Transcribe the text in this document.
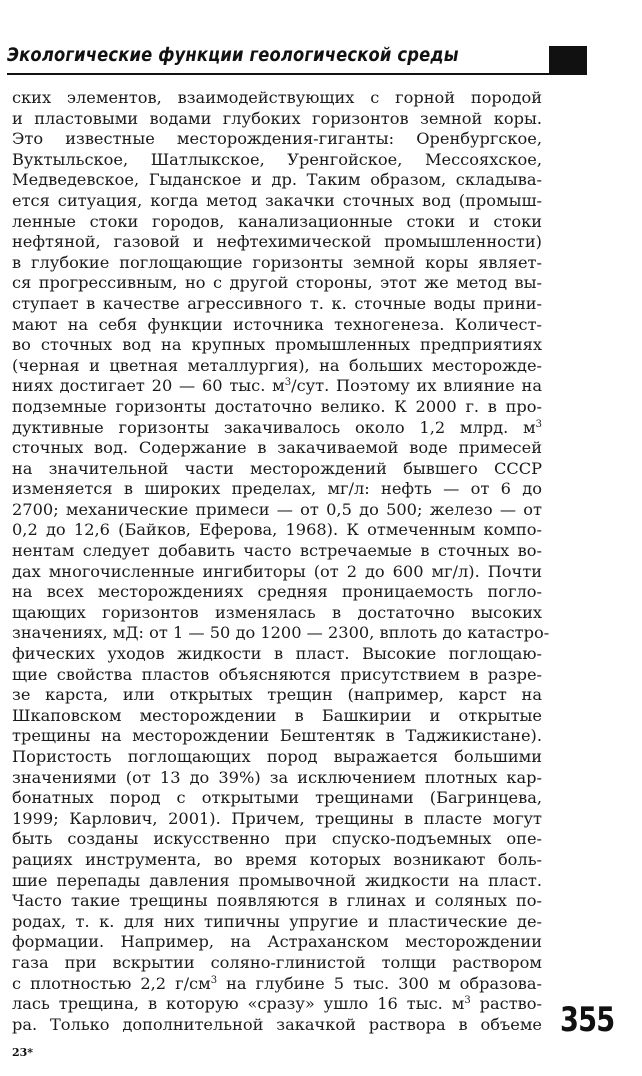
Экологические функции геологической среды
ских элементов, взаимодействующих с горной породой
и пластовыми водами глубоких горизонтов земной коры.
Это известные месторождения-гиганты: Оренбургское,
Вуктыльское, Шатлыкское, Уренгойское, Мессояхское,
Медведевское, Гыданское и др. Таким образом, складыва-
ется ситуация, когда метод закачки сточных вод (промыш-
ленные стоки городов, канализационные стоки и стоки
нефтяной, газовой и нефтехимической промышленности)
в глубокие поглощающие горизонты земной коры являет-
ся прогрессивным, но с другой стороны, этот же метод вы-
ступает в качестве агрессивного т. к. сточные воды прини-
мают на себя функции источника техногенеза. Количест-
во сточных вод на крупных промышленных предприятиях
(черная и цветная металлургия), на больших месторожде-
ниях достигает 20 — 60 тыс. $м^3$/сут. Поэтому их влияние на
подземные горизонты достаточно велико. К 2000 г. в про-
дуктивные горизонты закачивалось около 1,2 млрд. $м^3$
сточных вод. Содержание в закачиваемой воде примесей
на значительной части месторождений бывшего СССР
изменяется в широких пределах, мг/л: нефть — от 6 до
2700; механические примеси — от 0,5 до 500; железо — от
0,2 до 12,6 (Байков, Еферова, 1968). К отмеченным компо-
нентам следует добавить часто встречаемые в сточных во-
дах многочисленные ингибиторы (от 2 до 600 мг/л). Почти
на всех месторождениях средняя проницаемость погло-
щающих горизонтов изменялась в достаточно высоких
значениях, мД: от 1 — 50 до 1200 — 2300, вплоть до катастро-
фических уходов жидкости в пласт. Высокие поглощаю-
щие свойства пластов объясняются присутствием в разре-
зе карста, или открытых трещин (например, карст на
Шкаповском месторождении в Башкирии и открытые
трещины на месторождении Бештентяк в Таджикистане).
Пористость поглощающих пород выражается большими
значениями (от 13 до 39%) за исключением плотных кар-
бонатных пород с открытыми трещинами (Багринцева,
1999; Карлович, 2001). Причем, трещины в пласте могут
быть созданы искусственно при спуско-подъемных опе-
рациях инструмента, во время которых возникают боль-
шие перепады давления промывочной жидкости на пласт.
Часто такие трещины появляются в глинах и соляных по-
родах, т. к. для них типичны упругие и пластические де-
формации. Например, на Астраханском месторождении
газа при вскрытии соляно-глинистой толщи раствором
с плотностью 2,2 $г/см^3$ на глубине 5 тыс. 300 м образова-
лась трещина, в которую «сразу» ушло 16 тыс. $м^3$ раство-
ра. Только дополнительной закачкой раствора в объеме 355
23*
